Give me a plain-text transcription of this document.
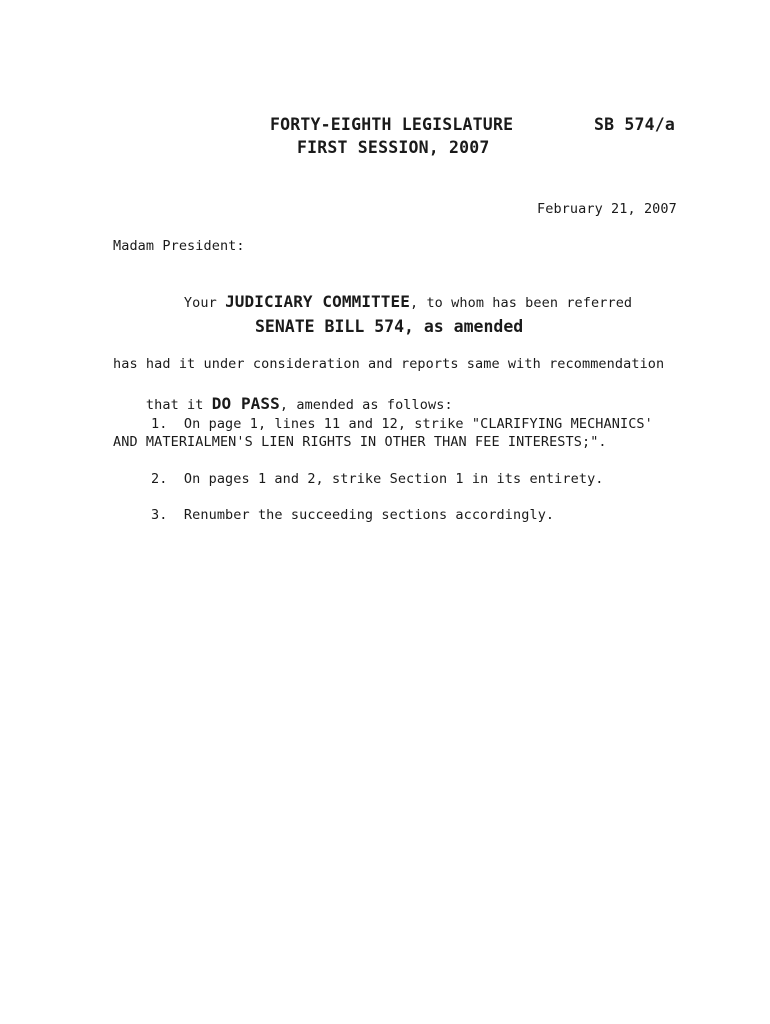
FORTY-EIGHTH LEGISLATURE	SB 574/a
FIRST SESSION, 2007
February 21, 2007
Madam President:

Your JUDICIARY COMMITTEE, to whom has been referred

SENATE BILL 574, as amended
has had it under consideration and reports same with recommendation

that it DO PASS, amended as follows:

1.  On page 1, lines 11 and 12, strike "CLARIFYING MECHANICS'
AND MATERIALMEN'S LIEN RIGHTS IN OTHER THAN FEE INTERESTS;".
2.  On pages 1 and 2, strike Section 1 in its entirety.
3.  Renumber the succeeding sections accordingly.
